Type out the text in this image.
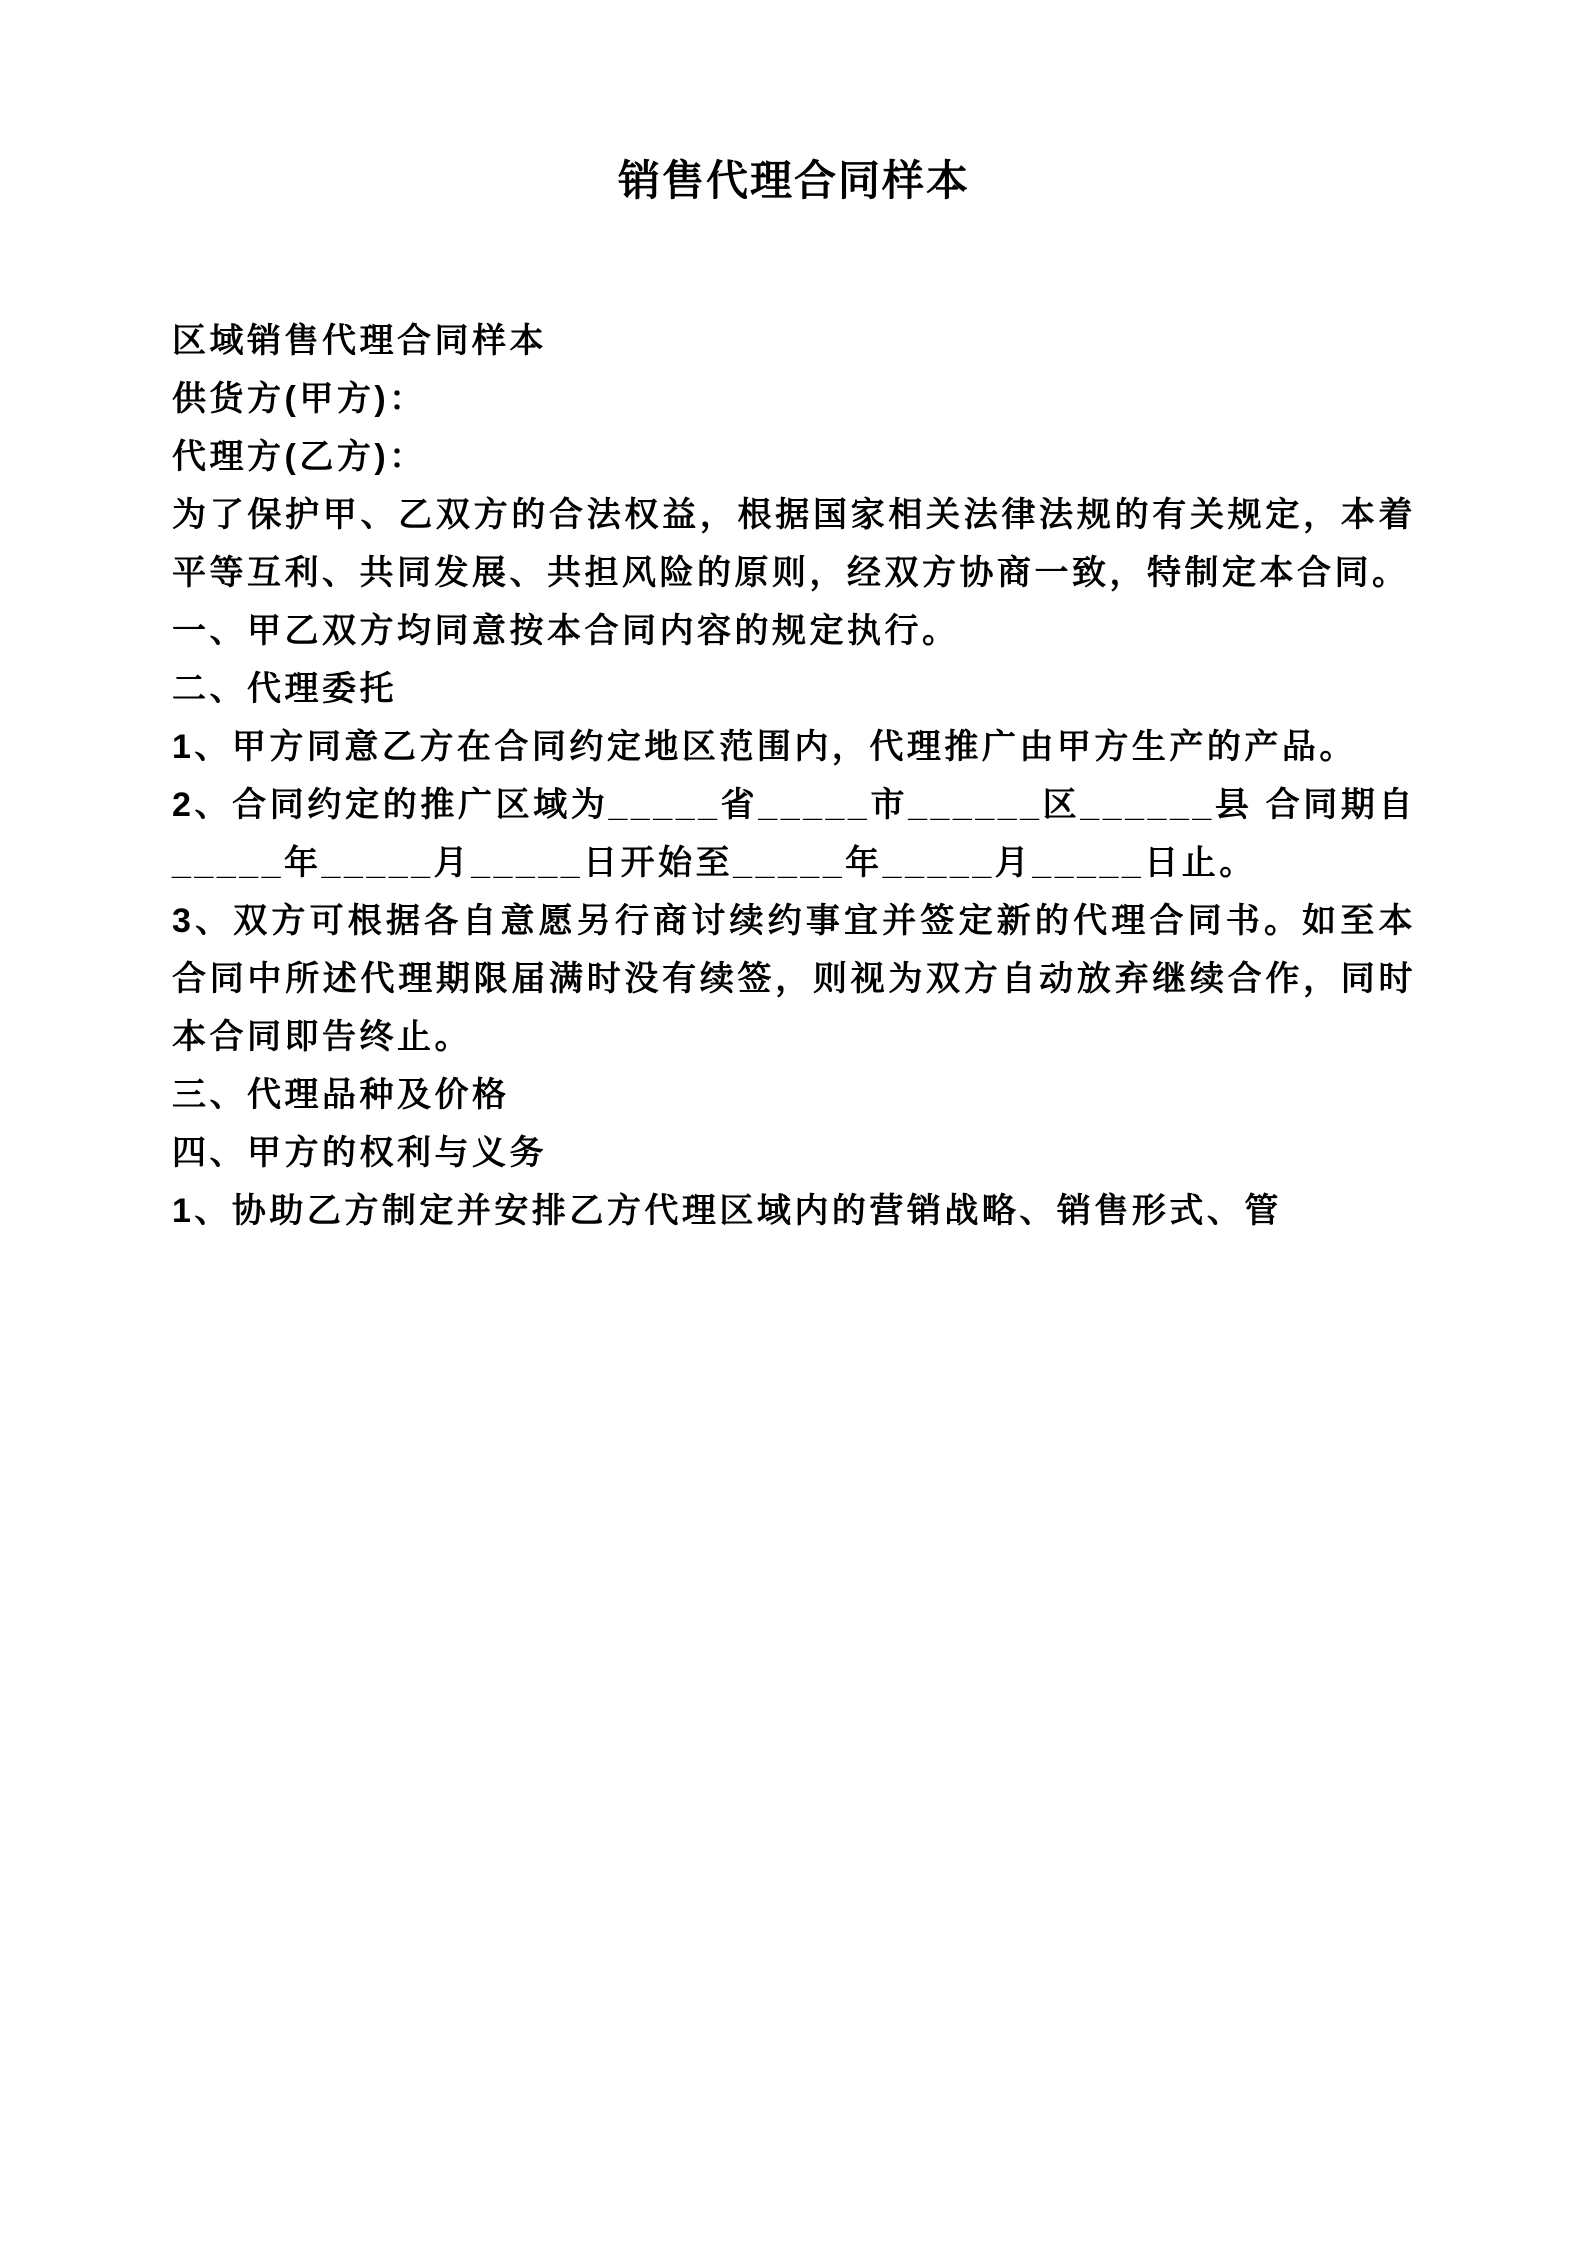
销售代理合同样本

区域销售代理合同样本

供货方(甲方)：

代理方(乙方)：

为了保护甲、乙双方的合法权益，根据国家相关法律法规的有关规定，本着平等互利、共同发展、共担风险的原则，经双方协商一致，特制定本合同。

一、甲乙双方均同意按本合同内容的规定执行。

二、代理委托

1、甲方同意乙方在合同约定地区范围内，代理推广由甲方生产的产品。

2、合同约定的推广区域为_____省_____市______区______县 合同期自_____年_____月_____日开始至_____年_____月_____日止。

3、双方可根据各自意愿另行商讨续约事宜并签定新的代理合同书。如至本合同中所述代理期限届满时没有续签，则视为双方自动放弃继续合作，同时本合同即告终止。

三、代理品种及价格

四、甲方的权利与义务

1、协助乙方制定并安排乙方代理区域内的营销战略、销售形式、管
